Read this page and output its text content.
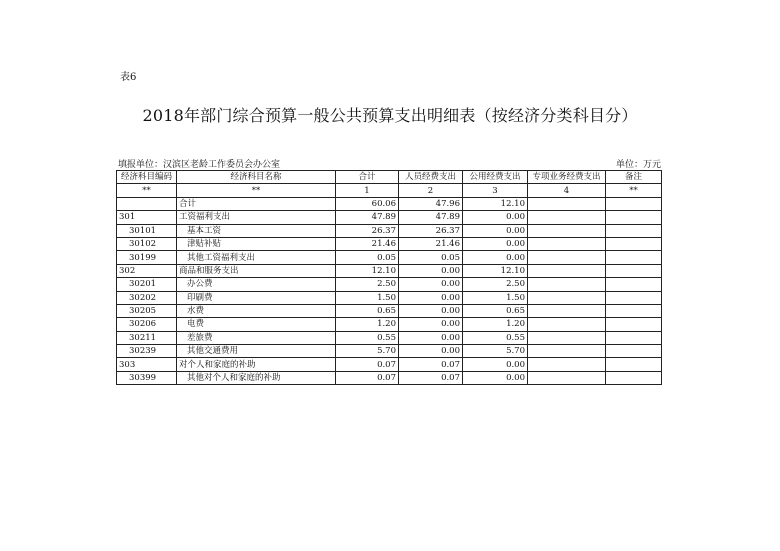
表6
2018年部门综合预算一般公共预算支出明细表（按经济分类科目分）
填报单位：汉滨区老龄工作委员会办公室	单位：万元
经济科目编码	经济科目名称	合计	人员经费支出	公用经费支出	专项业务经费支出	备注
**	**	1	2	3	4	**
	合计	60.06	47.96	12.10		
301	工资福利支出	47.89	47.89	0.00		
30101	基本工资	26.37	26.37	0.00		
30102	津贴补贴	21.46	21.46	0.00		
30199	其他工资福利支出	0.05	0.05	0.00		
302	商品和服务支出	12.10	0.00	12.10		
30201	办公费	2.50	0.00	2.50		
30202	印刷费	1.50	0.00	1.50		
30205	水费	0.65	0.00	0.65		
30206	电费	1.20	0.00	1.20		
30211	差旅费	0.55	0.00	0.55		
30239	其他交通费用	5.70	0.00	5.70		
303	对个人和家庭的补助	0.07	0.07	0.00		
30399	其他对个人和家庭的补助	0.07	0.07	0.00		
